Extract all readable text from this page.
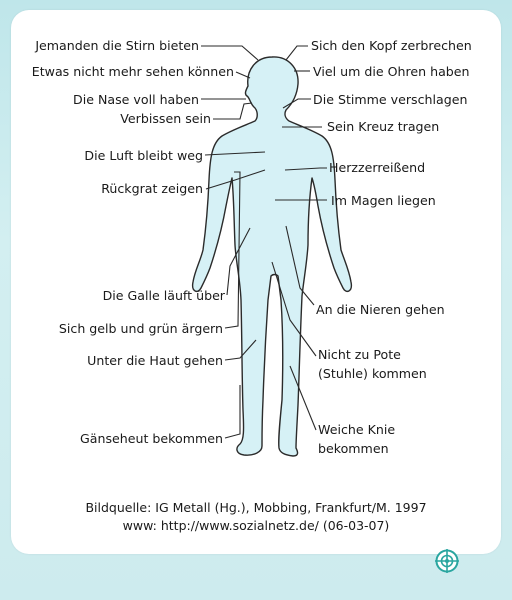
Jemanden die Stirn bieten
Etwas nicht mehr sehen können
Die Nase voll haben
Verbissen sein
Die Luft bleibt weg
Rückgrat zeigen
Die Galle läuft über
Sich gelb und grün ärgern
Unter die Haut gehen
Gänseheut bekommen
Sich den Kopf zerbrechen
Viel um die Ohren haben
Die Stimme verschlagen
Sein Kreuz tragen
Herzzerreißend
Im Magen liegen
An die Nieren gehen
Nicht zu Pote
(Stuhle) kommen
Weiche Knie
bekommen

Bildquelle: IG Metall (Hg.), Mobbing, Frankfurt/M. 1997

www: http://www.sozialnetz.de/ (06-03-07)
